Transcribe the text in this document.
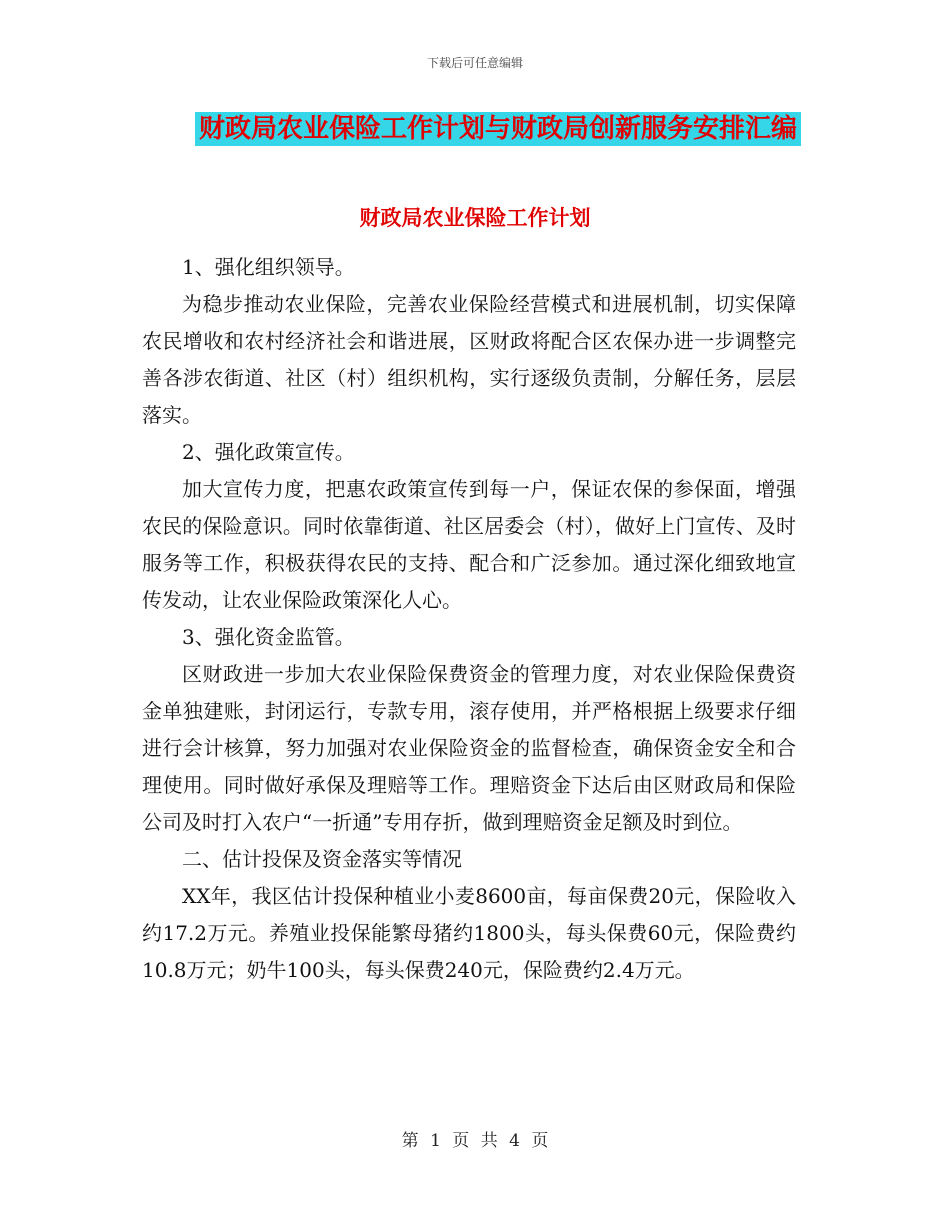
下载后可任意编辑
财政局农业保险工作计划与财政局创新服务安排汇编
财政局农业保险工作计划

1、强化组织领导。

为稳步推动农业保险，完善农业保险经营模式和进展机制，切实保障农民增收和农村经济社会和谐进展，区财政将配合区农保办进一步调整完善各涉农街道、社区（村）组织机构，实行逐级负责制，分解任务，层层落实。

2、强化政策宣传。

加大宣传力度，把惠农政策宣传到每一户，保证农保的参保面，增强农民的保险意识。同时依靠街道、社区居委会（村），做好上门宣传、及时服务等工作，积极获得农民的支持、配合和广泛参加。通过深化细致地宣传发动，让农业保险政策深化人心。

3、强化资金监管。

区财政进一步加大农业保险保费资金的管理力度，对农业保险保费资金单独建账，封闭运行，专款专用，滚存使用，并严格根据上级要求仔细进行会计核算，努力加强对农业保险资金的监督检查，确保资金安全和合理使用。同时做好承保及理赔等工作。理赔资金下达后由区财政局和保险公司及时打入农户“一折通”专用存折，做到理赔资金足额及时到位。

二、估计投保及资金落实等情况

XX年，我区估计投保种植业小麦8600亩，每亩保费20元，保险收入约17.2万元。养殖业投保能繁母猪约1800头，每头保费60元，保险费约10.8万元；奶牛100头，每头保费240元，保险费约2.4万元。

第 1 页 共 4 页
